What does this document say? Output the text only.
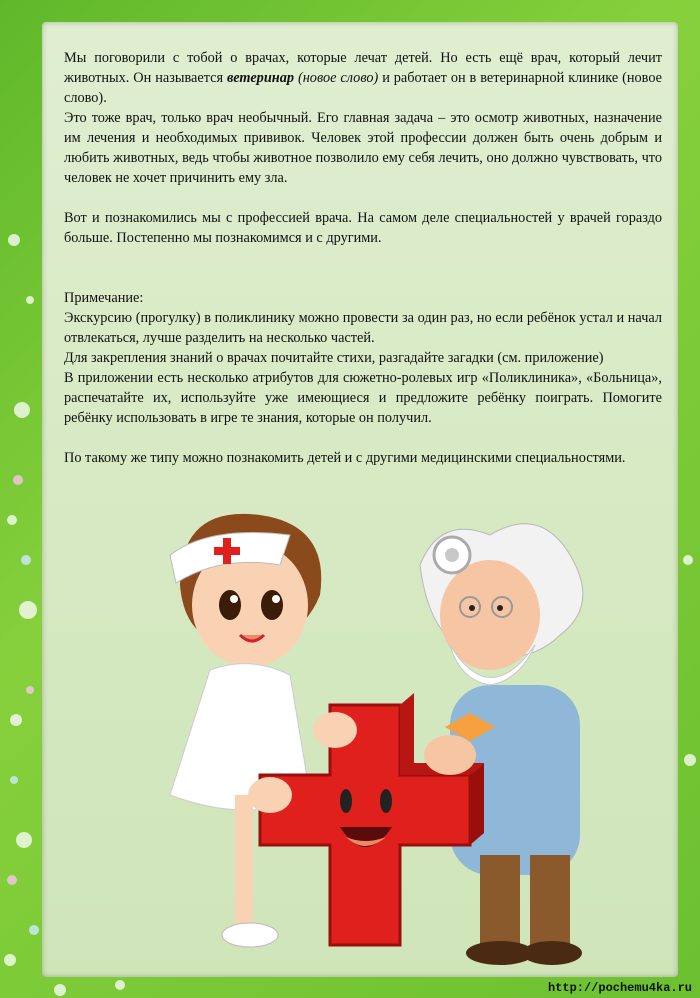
Мы поговорили с тобой о врачах, которые лечат детей. Но есть ещё врач, который лечит животных. Он называется ветеринар (новое слово) и работает он в ветеринарной клинике (новое слово).

Это тоже врач, только врач необычный. Его главная задача – это осмотр животных, назначение им лечения и необходимых прививок. Человек этой профессии должен быть очень добрым и любить животных, ведь чтобы животное позволило ему себя лечить, оно должно чувствовать, что человек не хочет причинить ему зла.

Вот и познакомились мы с профессией врача. На самом деле специальностей у врачей гораздо больше. Постепенно мы познакомимся и с другими.

Примечание:

Экскурсию (прогулку) в поликлинику можно провести за один раз, но если ребёнок устал и начал отвлекаться, лучше разделить на несколько частей.

Для закрепления знаний о врачах почитайте стихи, разгадайте загадки (см. приложение)

В приложении есть несколько атрибутов для сюжетно-ролевых игр «Поликлиника», «Больница», распечатайте их, используйте уже имеющиеся и предложите ребёнку поиграть. Помогите ребёнку использовать в игре те знания, которые он получил.

По такому же типу можно познакомить детей и с другими медицинскими специальностями.

http://pochemu4ka.ru
